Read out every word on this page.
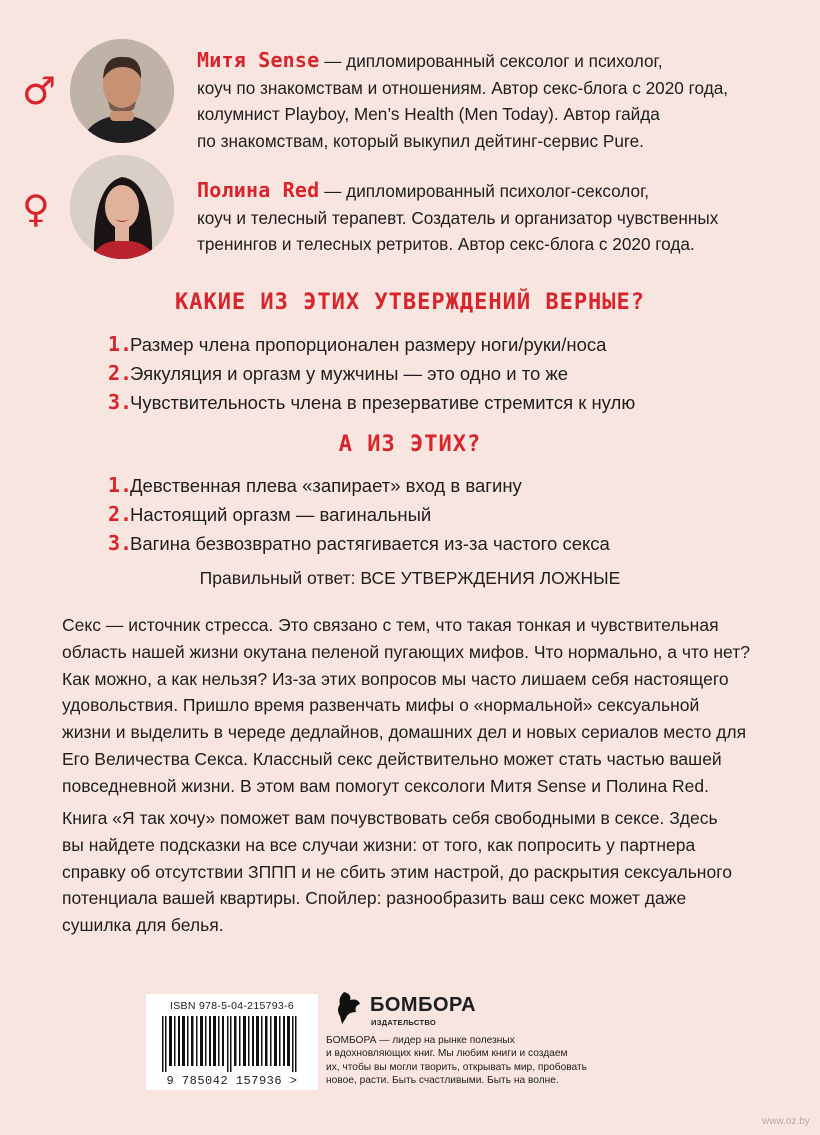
♂
Митя Sense — дипломированный сексолог и психолог,
коуч по знакомствам и отношениям. Автор секс-блога с 2020 года,
колумнист Playboy, Men’s Health (Men Today). Автор гайда
по знакомствам, который выкупил дейтинг-сервис Pure.
♀	Полина Red — дипломированный психолог-сексолог,
коуч и телесный терапевт. Создатель и организатор чувственных
тренингов и телесных ретритов. Автор секс-блога с 2020 года.
КАКИЕ ИЗ ЭТИХ УТВЕРЖДЕНИЙ ВЕРНЫЕ?
1.Размер члена пропорционален размеру ноги/руки/носа
2.Эякуляция и оргазм у мужчины — это одно и то же
3.Чувствительность члена в презервативе стремится к нулю
А ИЗ ЭТИХ?
1.Девственная плева «запирает» вход в вагину
2.Настоящий оргазм — вагинальный
3.Вагина безвозвратно растягивается из-за частого секса
Правильный ответ: ВСЕ УТВЕРЖДЕНИЯ ЛОЖНЫЕ
Секс — источник стресса. Это связано с тем, что такая тонкая и чувствительная
область нашей жизни окутана пеленой пугающих мифов. Что нормально, а что нет?
Как можно, а как нельзя? Из-за этих вопросов мы часто лишаем себя настоящего
удовольствия. Пришло время развенчать мифы о «нормальной» сексуальной
жизни и выделить в череде дедлайнов, домашних дел и новых сериалов место для
Его Величества Секса. Классный секс действительно может стать частью вашей
повседневной жизни. В этом вам помогут сексологи Митя Sense и Полина Red.
Книга «Я так хочу» поможет вам почувствовать себя свободными в сексе. Здесь
вы найдете подсказки на все случаи жизни: от того, как попросить у партнера
справку об отсутствии ЗППП и не сбить этим настрой, до раскрытия сексуального
потенциала вашей квартиры. Спойлер: разнообразить ваш секс может даже
сушилка для белья.
ISBN 978-5-04-215793-6
9 785042 157936 >
БОМБОРА
ИЗДАТЕЛЬСТВО
БОМБОРА — лидер на рынке полезных
и вдохновляющих книг. Мы любим книги и создаем
их, чтобы вы могли творить, открывать мир, пробовать
новое, расти. Быть счастливыми. Быть на волне.
www.oz.by
